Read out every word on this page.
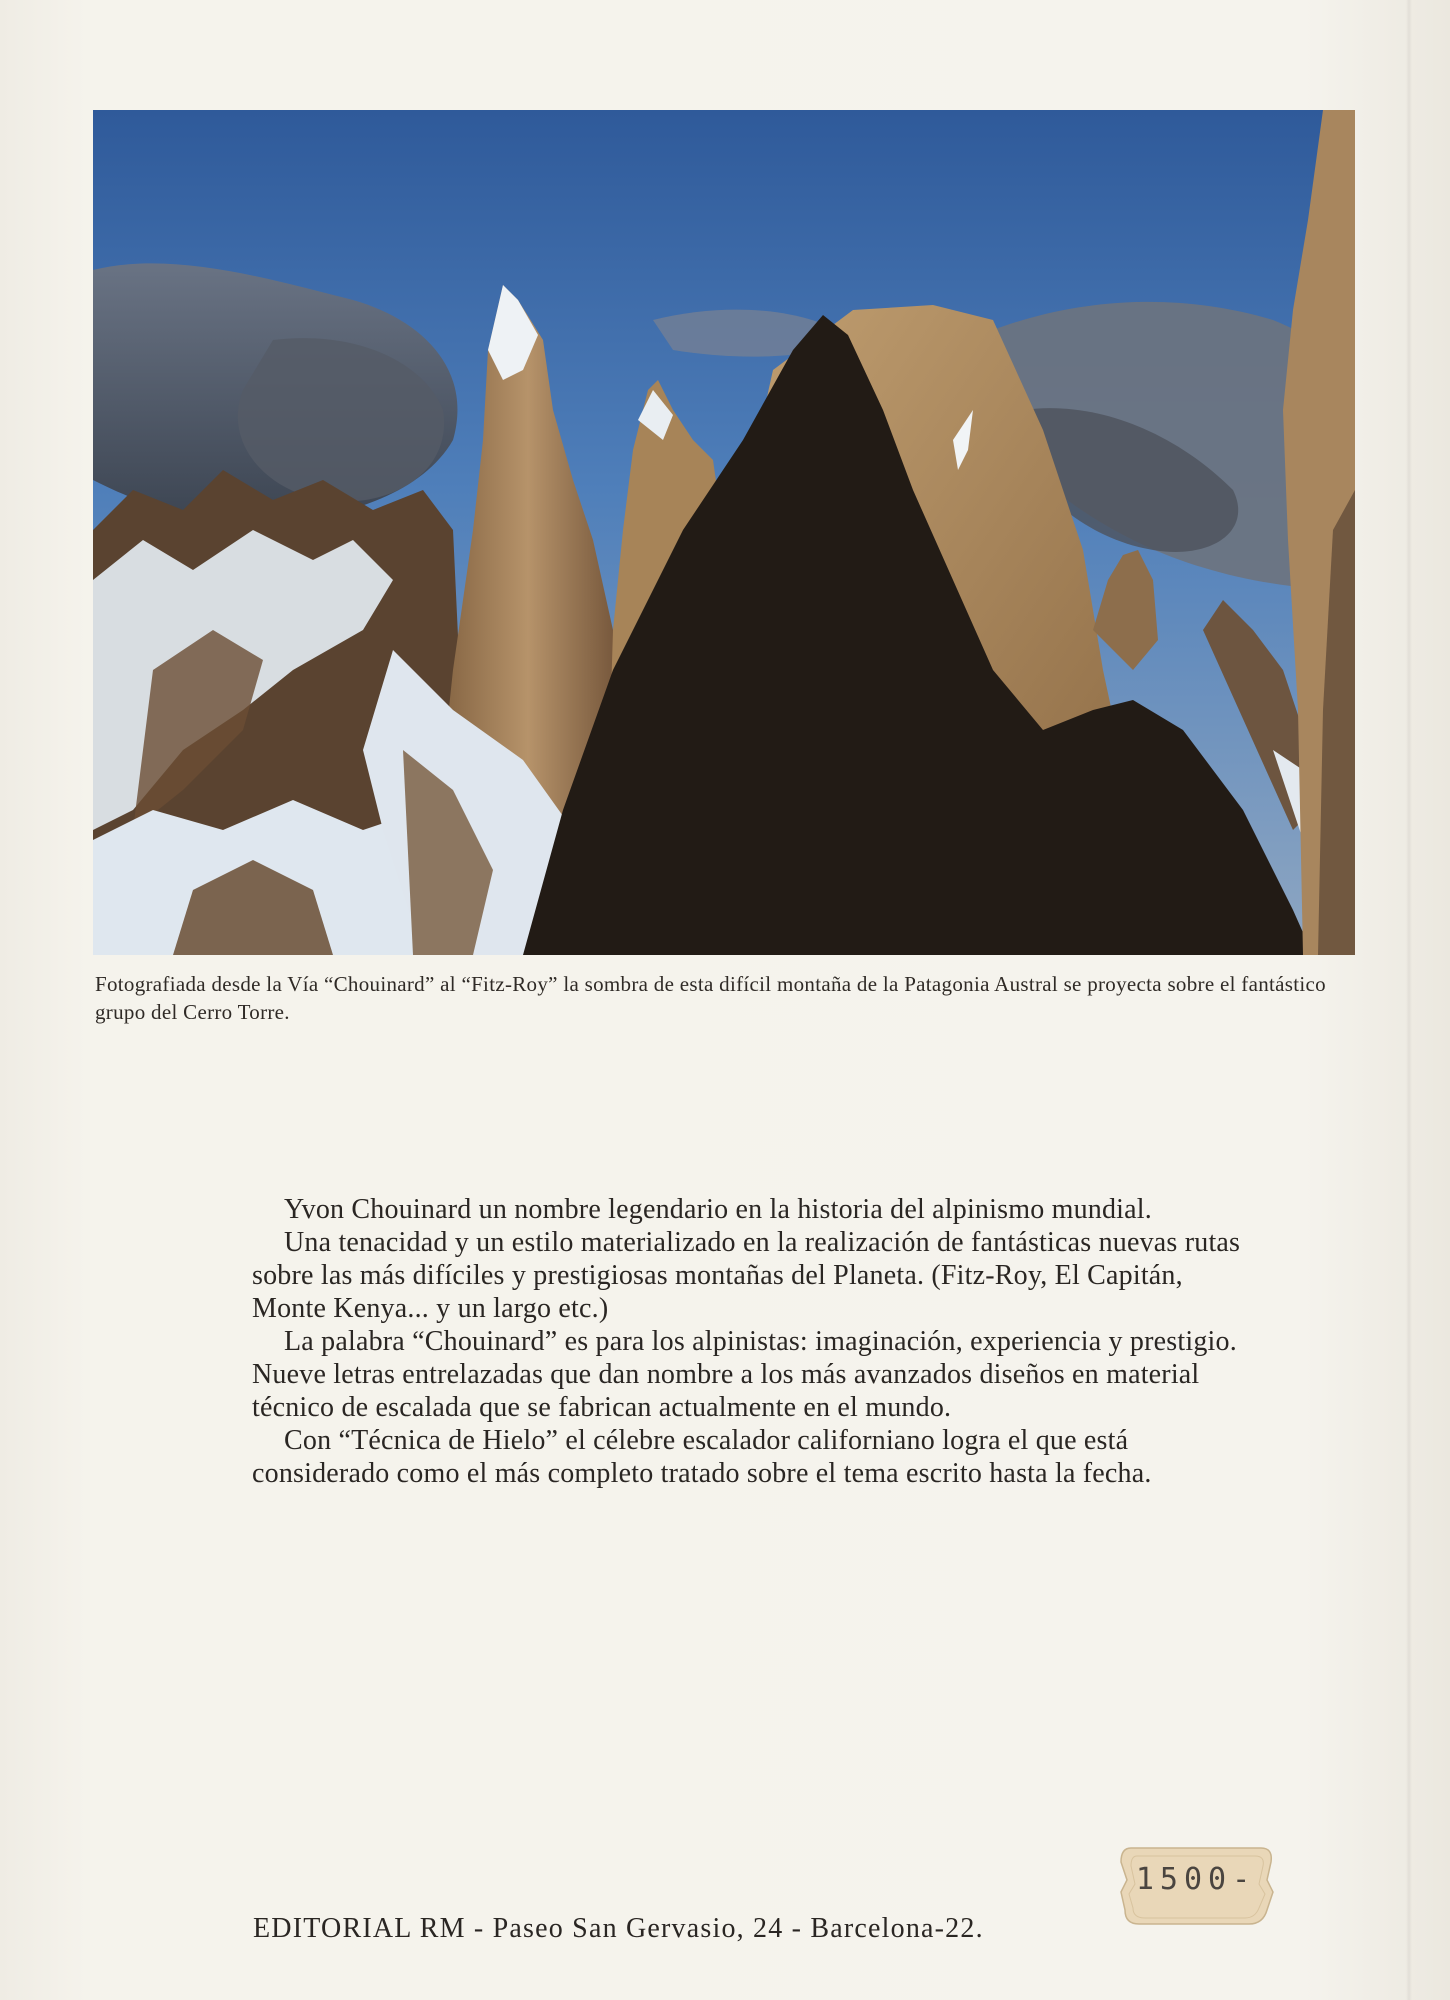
Fotografiada desde la Vía “Chouinard” al “Fitz-Roy” la sombra de esta difícil montaña de la Patagonia Austral se proyecta sobre el fantástico grupo del Cerro Torre.

Yvon Chouinard un nombre legendario en la historia del alpinismo mundial.

Una tenacidad y un estilo materializado en la realización de fantásticas nuevas rutas sobre las más difíciles y prestigiosas montañas del Planeta. (Fitz-Roy, El Capitán, Monte Kenya... y un largo etc.)

La palabra “Chouinard” es para los alpinistas: imaginación, experiencia y prestigio. Nueve letras entrelazadas que dan nombre a los más avanzados diseños en material técnico de escalada que se fabrican actualmente en el mundo.

Con “Técnica de Hielo” el célebre escalador californiano logra el que está considerado como el más completo tratado sobre el tema escrito hasta la fecha.

1500-
EDITORIAL RM - Paseo San Gervasio, 24 - Barcelona-22.
